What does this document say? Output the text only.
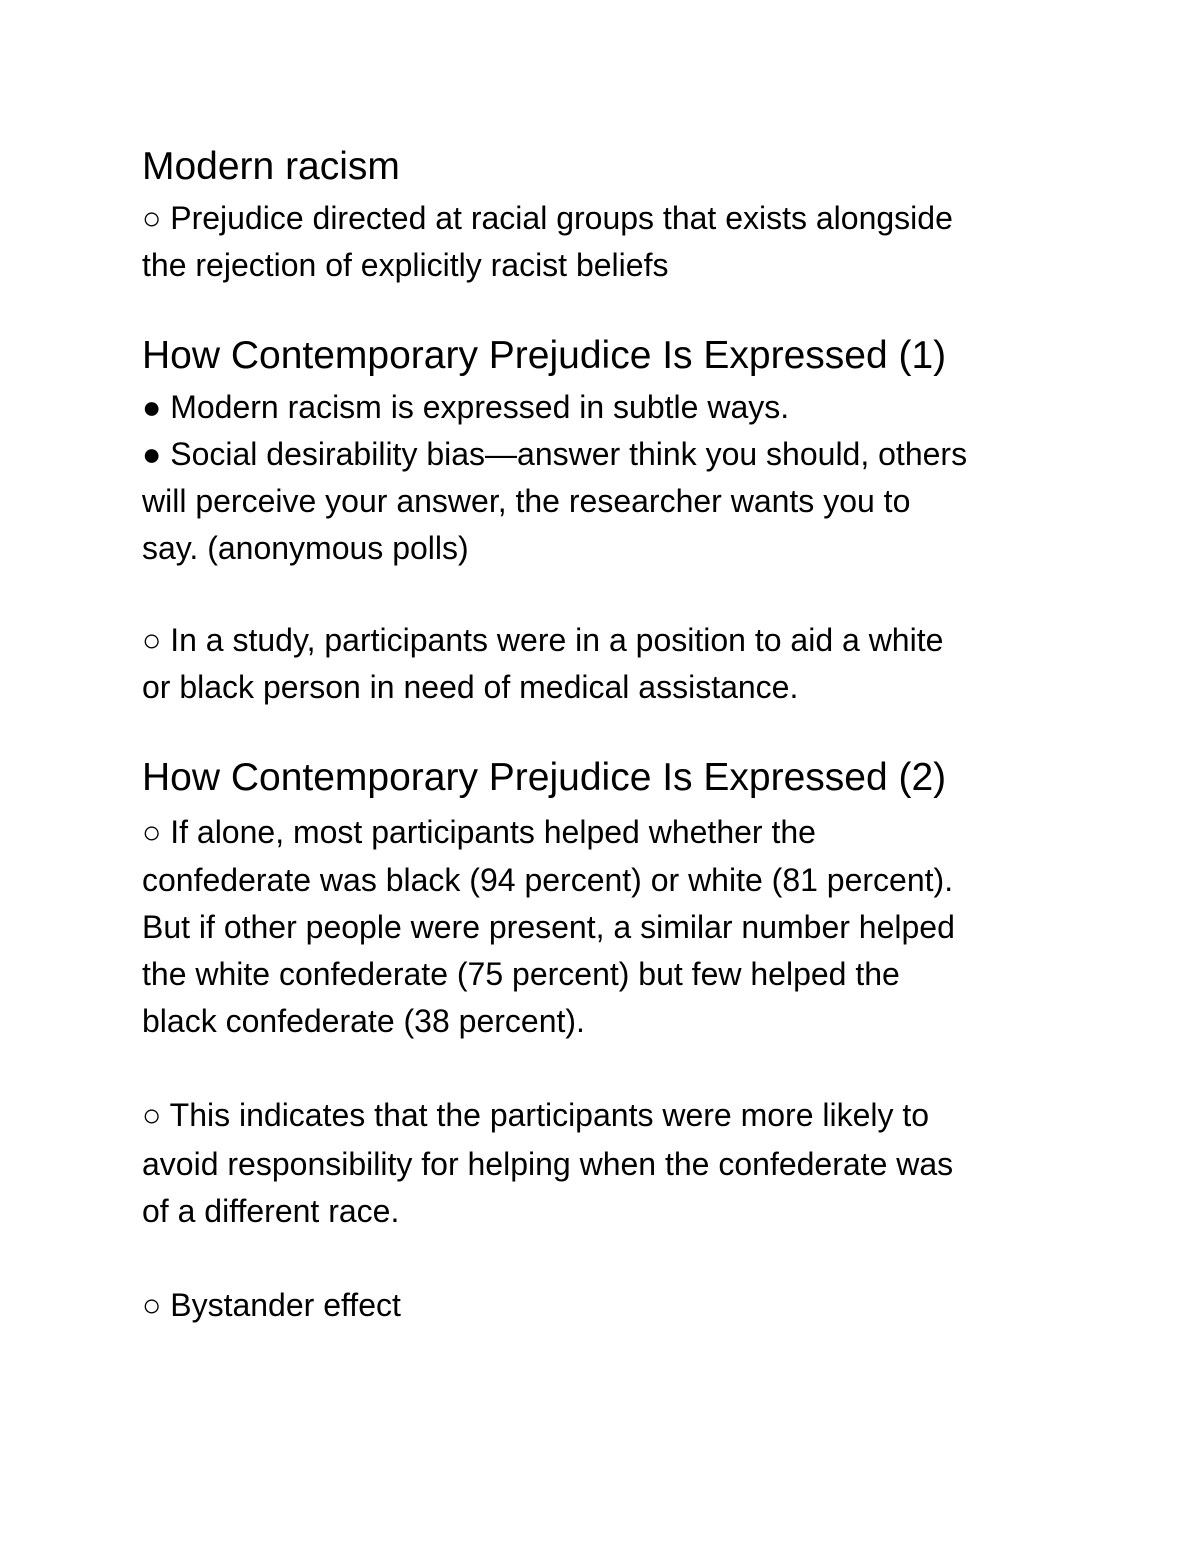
Modern racism
○ Prejudice directed at racial groups that exists alongside
the rejection of explicitly racist beliefs
How Contemporary Prejudice Is Expressed (1)
● Modern racism is expressed in subtle ways.
● Social desirability bias—answer think you should, others
will perceive your answer, the researcher wants you to
say. (anonymous polls)
○ In a study, participants were in a position to aid a white
or black person in need of medical assistance.
How Contemporary Prejudice Is Expressed (2)
○ If alone, most participants helped whether the
confederate was black (94 percent) or white (81 percent).
But if other people were present, a similar number helped
the white confederate (75 percent) but few helped the
black confederate (38 percent).
○ This indicates that the participants were more likely to
avoid responsibility for helping when the confederate was
of a different race.
○ Bystander effect
